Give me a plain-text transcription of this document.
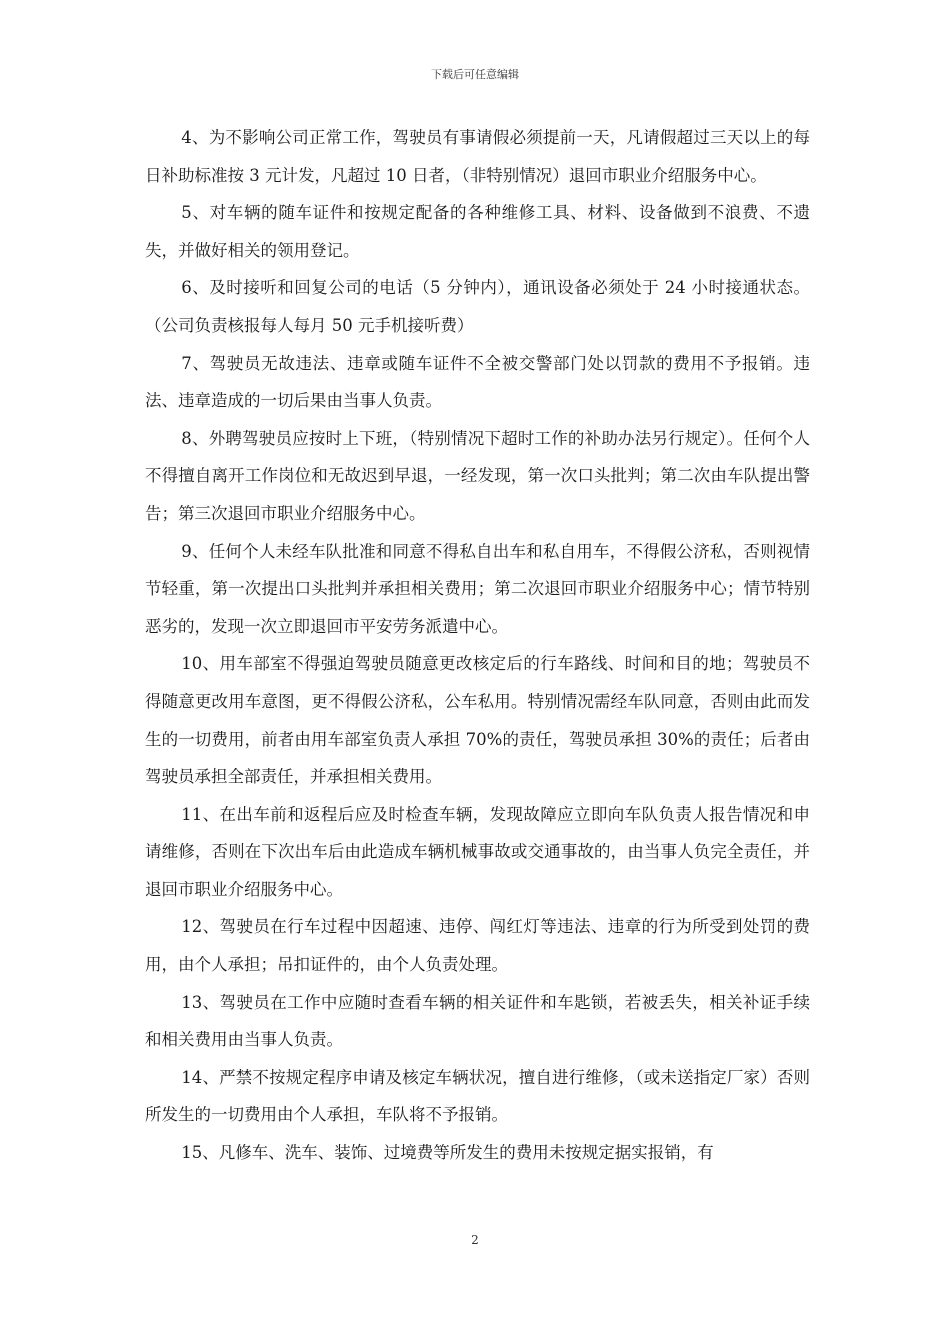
下载后可任意编辑

4、为不影响公司正常工作，驾驶员有事请假必须提前一天，凡请假超过三天以上的每日补助标准按 3 元计发，凡超过 10 日者，（非特别情况）退回市职业介绍服务中心。

5、对车辆的随车证件和按规定配备的各种维修工具、材料、设备做到不浪费、不遗失，并做好相关的领用登记。

6、及时接听和回复公司的电话（5 分钟内），通讯设备必须处于 24 小时接通状态。（公司负责核报每人每月 50 元手机接听费）

7、驾驶员无故违法、违章或随车证件不全被交警部门处以罚款的费用不予报销。违法、违章造成的一切后果由当事人负责。

8、外聘驾驶员应按时上下班，（特别情况下超时工作的补助办法另行规定）。任何个人不得擅自离开工作岗位和无故迟到早退，一经发现，第一次口头批判；第二次由车队提出警告；第三次退回市职业介绍服务中心。

9、任何个人未经车队批准和同意不得私自出车和私自用车，不得假公济私，否则视情节轻重，第一次提出口头批判并承担相关费用；第二次退回市职业介绍服务中心；情节特别恶劣的，发现一次立即退回市平安劳务派遣中心。

10、用车部室不得强迫驾驶员随意更改核定后的行车路线、时间和目的地；驾驶员不得随意更改用车意图，更不得假公济私，公车私用。特别情况需经车队同意，否则由此而发生的一切费用，前者由用车部室负责人承担 70%的责任，驾驶员承担 30%的责任；后者由驾驶员承担全部责任，并承担相关费用。

11、在出车前和返程后应及时检查车辆，发现故障应立即向车队负责人报告情况和申请维修，否则在下次出车后由此造成车辆机械事故或交通事故的，由当事人负完全责任，并退回市职业介绍服务中心。

12、驾驶员在行车过程中因超速、违停、闯红灯等违法、违章的行为所受到处罚的费用，由个人承担；吊扣证件的，由个人负责处理。

13、驾驶员在工作中应随时查看车辆的相关证件和车匙锁，若被丢失，相关补证手续和相关费用由当事人负责。

14、严禁不按规定程序申请及核定车辆状况，擅自进行维修，（或未送指定厂家）否则所发生的一切费用由个人承担，车队将不予报销。

15、凡修车、洗车、装饰、过境费等所发生的费用未按规定据实报销，有

2
